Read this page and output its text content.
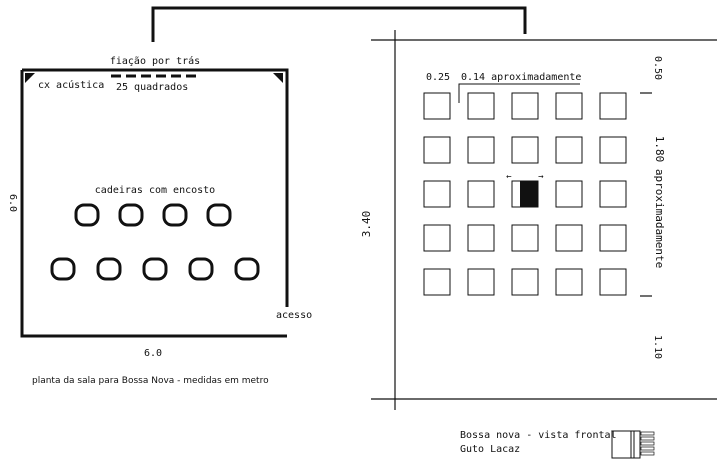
fiação por trás
cx acústica 25 quadrados
cadeiras com encosto
acesso
6.0
6.0
planta da sala para Bossa Nova - medidas em metro
0.25 0.14 aproximadamente	0.50
1.80 aproximadamente
1.10
3.40
←	→
Bossa nova - vista frontal
Guto Lacaz
